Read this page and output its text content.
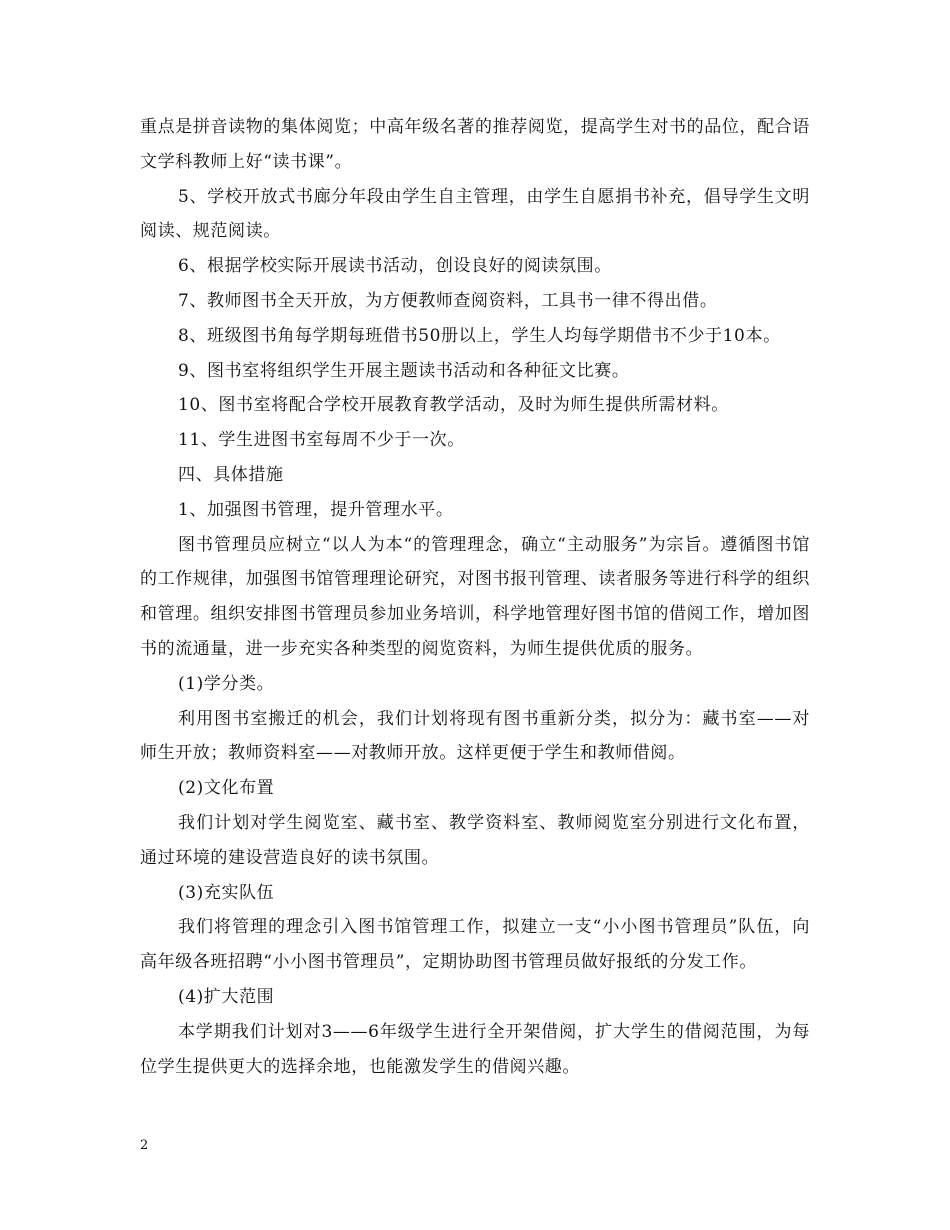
重点是拼音读物的集体阅览；中高年级名著的推荐阅览，提高学生对书的品位，配合语文学科教师上好“读书课”。

5、学校开放式书廊分年段由学生自主管理，由学生自愿捐书补充，倡导学生文明阅读、规范阅读。

6、根据学校实际开展读书活动，创设良好的阅读氛围。

7、教师图书全天开放，为方便教师查阅资料，工具书一律不得出借。

8、班级图书角每学期每班借书50册以上，学生人均每学期借书不少于10本。

9、图书室将组织学生开展主题读书活动和各种征文比赛。

10、图书室将配合学校开展教育教学活动，及时为师生提供所需材料。

11、学生进图书室每周不少于一次。

四、具体措施

1、加强图书管理，提升管理水平。

图书管理员应树立“以人为本“的管理理念，确立“主动服务”为宗旨。遵循图书馆的工作规律，加强图书馆管理理论研究，对图书报刊管理、读者服务等进行科学的组织和管理。组织安排图书管理员参加业务培训，科学地管理好图书馆的借阅工作，增加图书的流通量，进一步充实各种类型的阅览资料，为师生提供优质的服务。

(1)学分类。

利用图书室搬迁的机会，我们计划将现有图书重新分类，拟分为：藏书室——对师生开放；教师资料室——对教师开放。这样更便于学生和教师借阅。

(2)文化布置

我们计划对学生阅览室、藏书室、教学资料室、教师阅览室分别进行文化布置，通过环境的建设营造良好的读书氛围。

(3)充实队伍

我们将管理的理念引入图书馆管理工作，拟建立一支“小小图书管理员”队伍，向高年级各班招聘“小小图书管理员”，定期协助图书管理员做好报纸的分发工作。

(4)扩大范围

本学期我们计划对3——6年级学生进行全开架借阅，扩大学生的借阅范围，为每位学生提供更大的选择余地，也能激发学生的借阅兴趣。

2
